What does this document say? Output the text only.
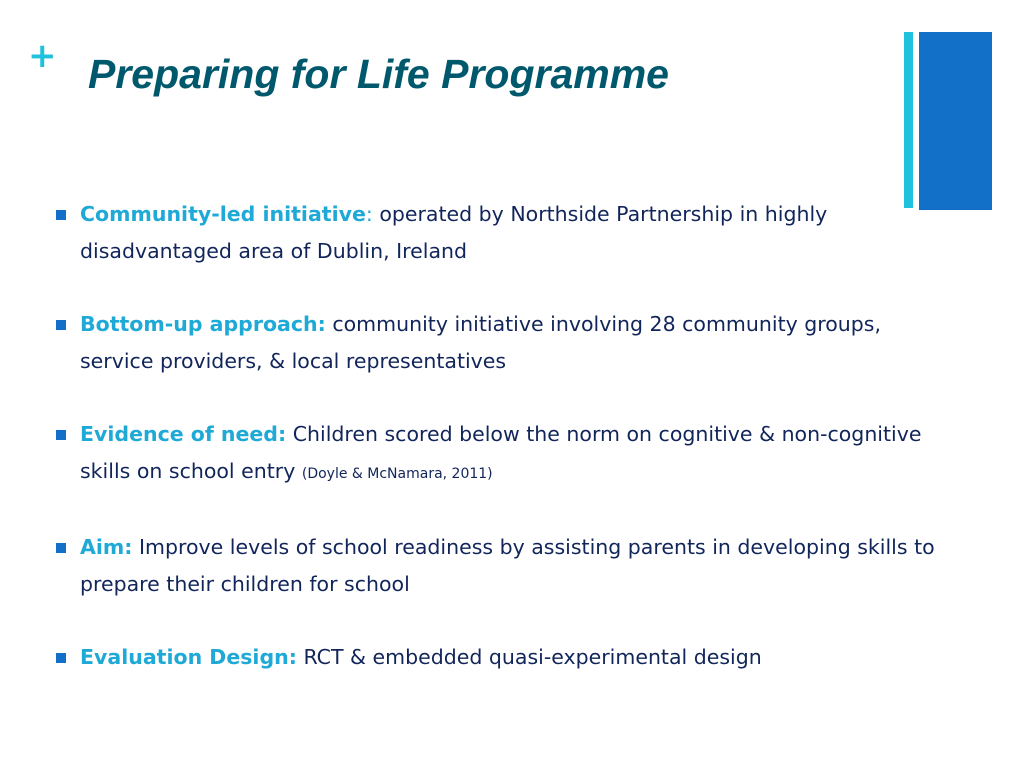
+ Preparing for Life Programme
Community-led initiative: operated by Northside Partnership in highly disadvantaged area of Dublin, Ireland
Bottom-up approach: community initiative involving 28 community groups, service providers, & local representatives
Evidence of need: Children scored below the norm on cognitive & non-cognitive skills on school entry (Doyle & McNamara, 2011)
Aim: Improve levels of school readiness by assisting parents in developing skills to prepare their children for school
Evaluation Design: RCT & embedded quasi-experimental design
